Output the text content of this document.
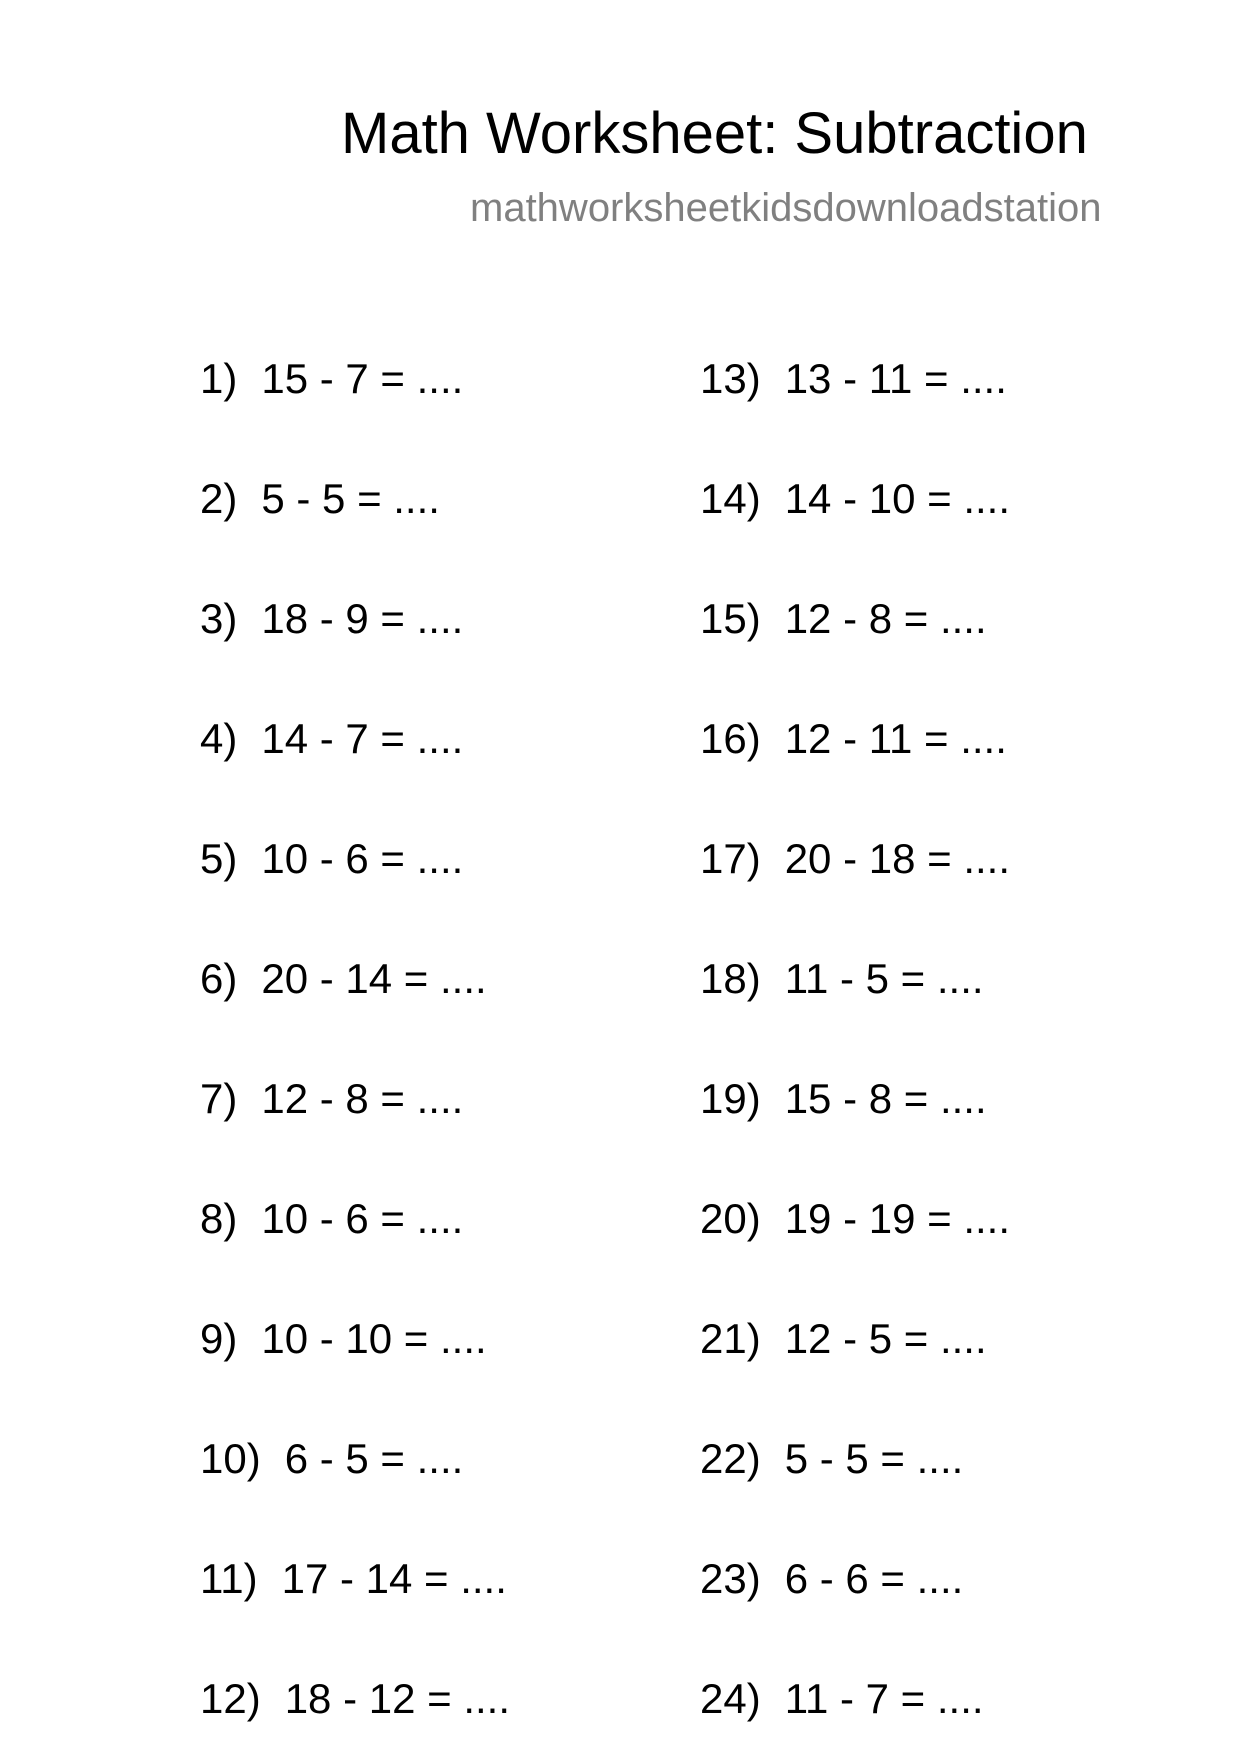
Math Worksheet: Subtraction
mathworksheetkidsdownloadstation
1) 15 - 7 = ....
2) 5 - 5 = ....
3) 18 - 9 = ....
4) 14 - 7 = ....
5) 10 - 6 = ....
6) 20 - 14 = ....
7) 12 - 8 = ....
8) 10 - 6 = ....
9) 10 - 10 = ....
10) 6 - 5 = ....
11) 17 - 14 = ....
12) 18 - 12 = ....
13) 13 - 11 = ....
14) 14 - 10 = ....
15) 12 - 8 = ....
16) 12 - 11 = ....
17) 20 - 18 = ....
18) 11 - 5 = ....
19) 15 - 8 = ....
20) 19 - 19 = ....
21) 12 - 5 = ....
22) 5 - 5 = ....
23) 6 - 6 = ....
24) 11 - 7 = ....
